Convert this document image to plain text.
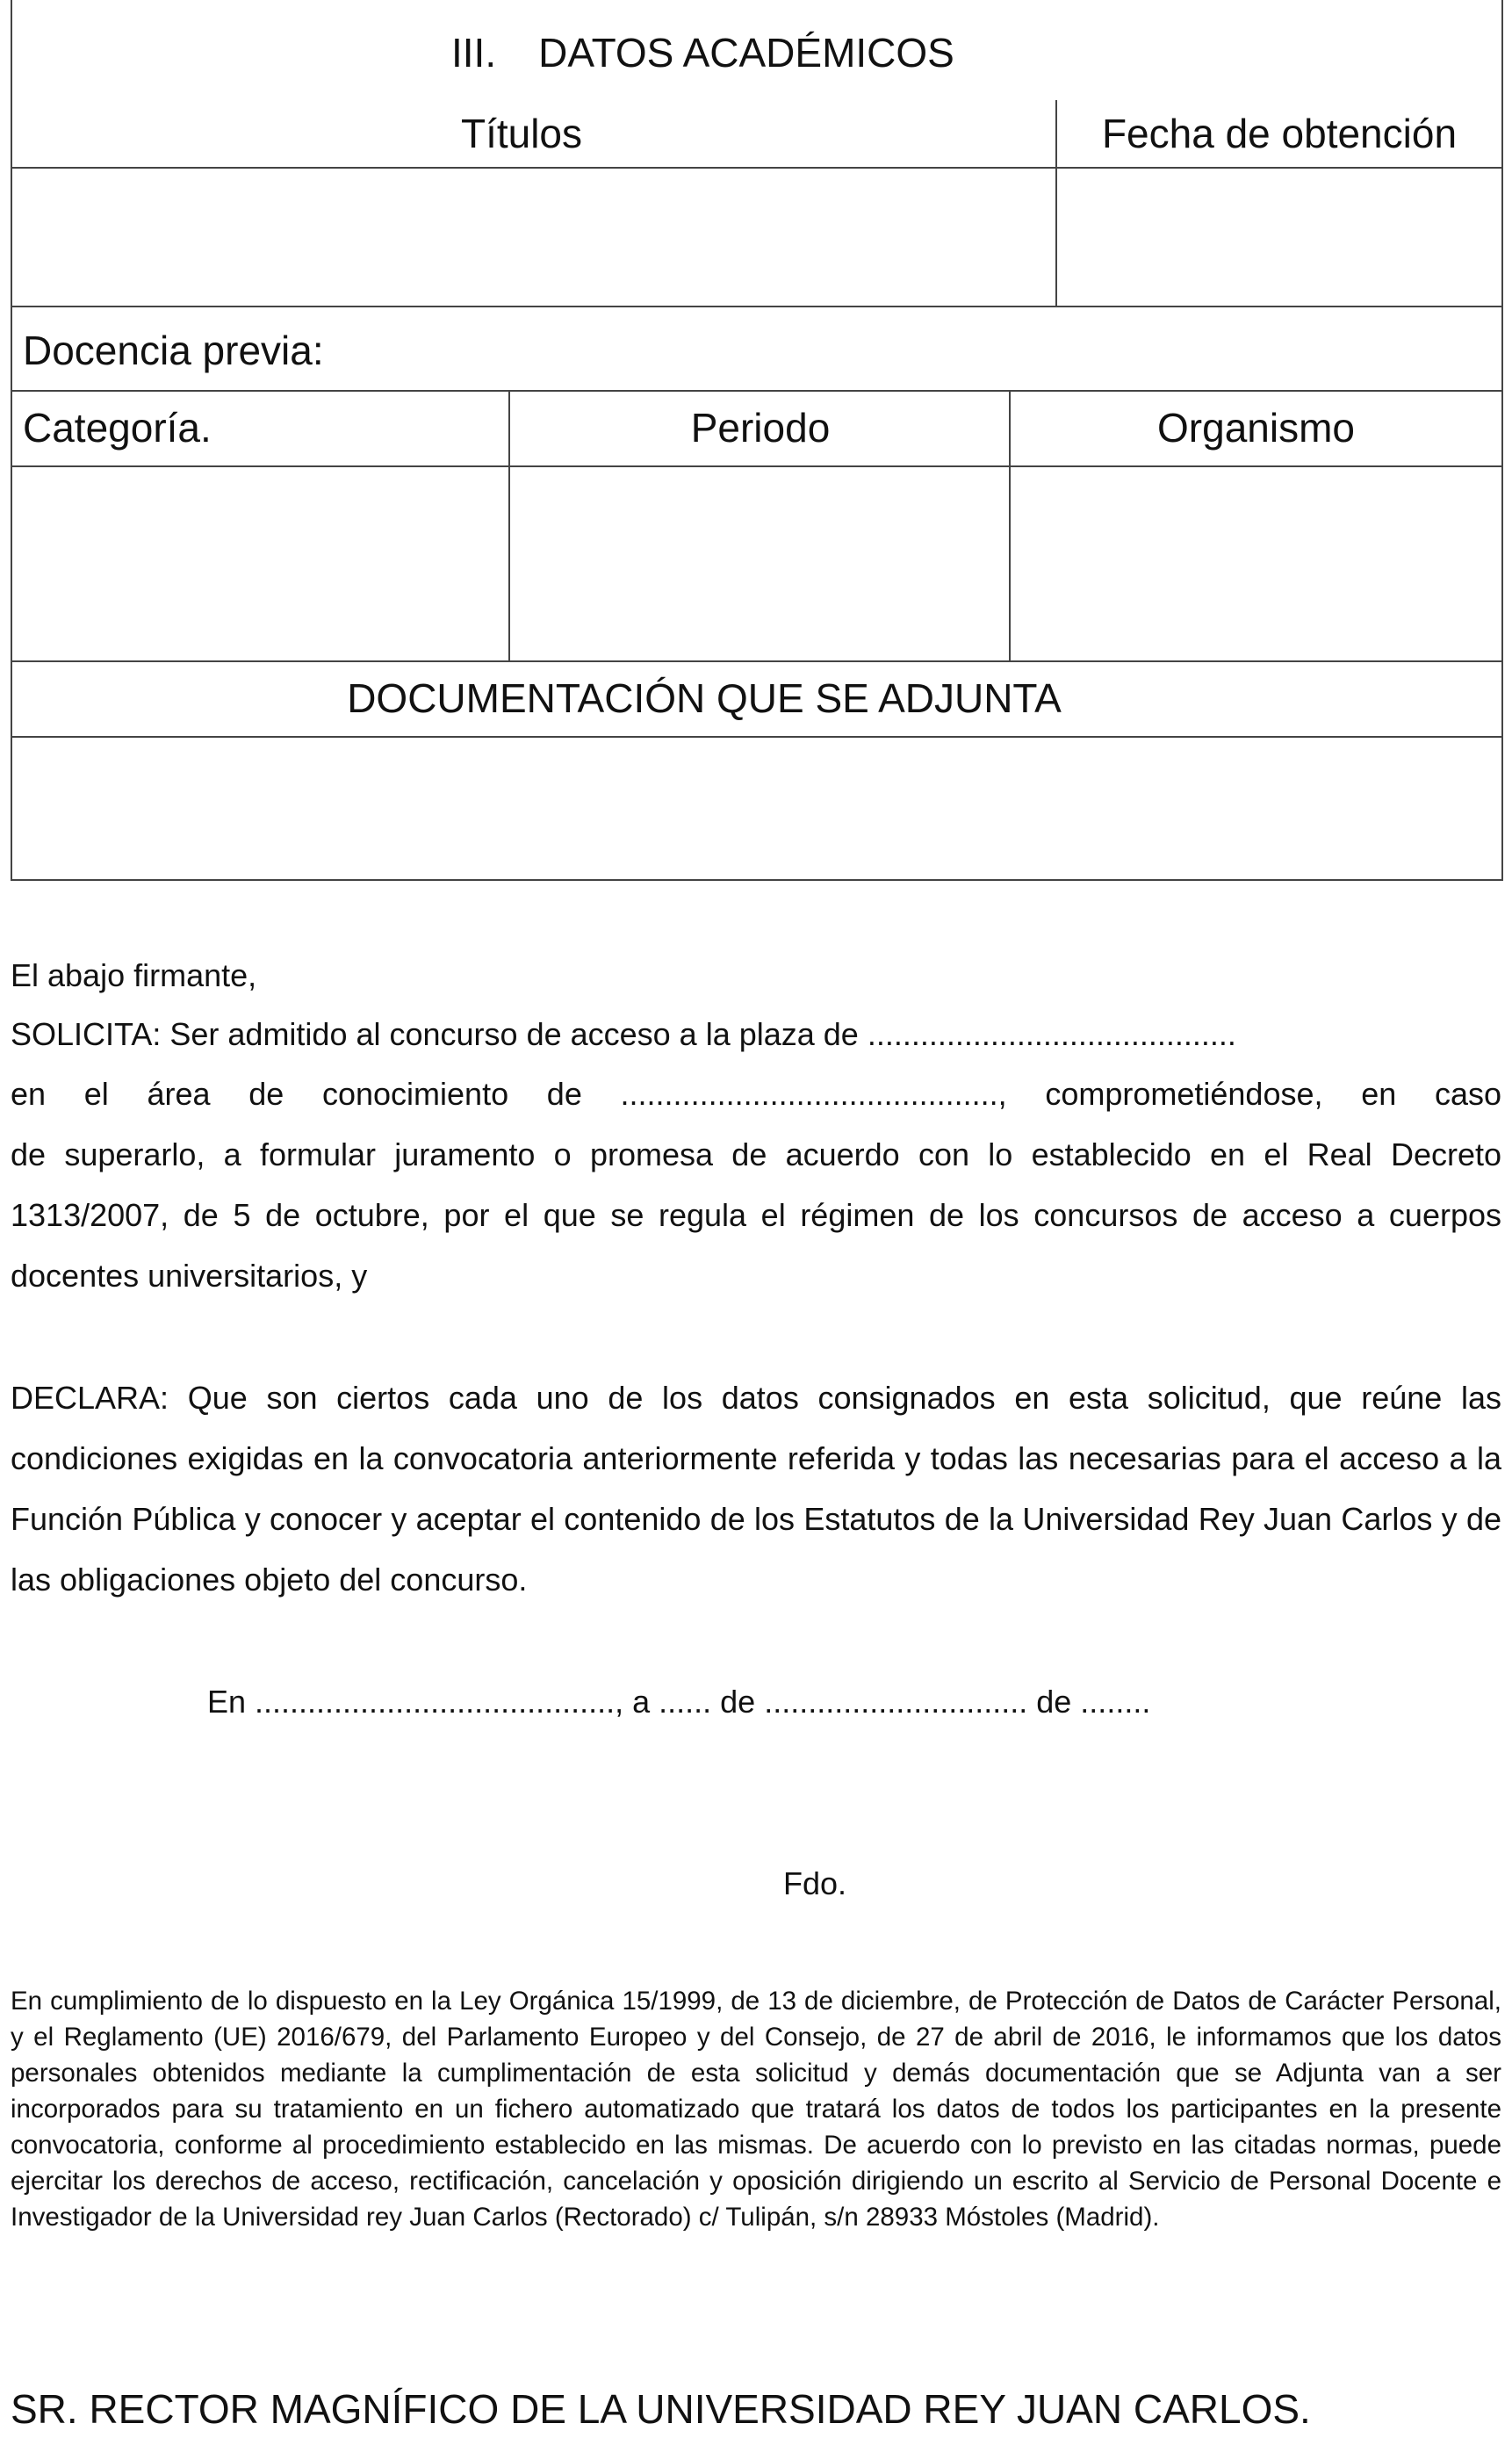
III. DATOS ACADÉMICOS
Títulos	Fecha de obtención
Docencia previa:
Categoría.	Periodo	Organismo
DOCUMENTACIÓN QUE SE ADJUNTA
El abajo firmante,
SOLICITA: Ser admitido al concurso de acceso a la plaza de ..........................................
en el área de conocimiento de ..........................................., comprometiéndose, en caso
de superarlo, a formular juramento o promesa de acuerdo con lo establecido en el Real Decreto 1313/2007, de 5 de octubre, por el que se regula el régimen de los concursos de acceso a cuerpos docentes universitarios, y
DECLARA: Que son ciertos cada uno de los datos consignados en esta solicitud, que reúne las condiciones exigidas en la convocatoria anteriormente referida y todas las necesarias para el acceso a la Función Pública y conocer y aceptar el contenido de los Estatutos de la Universidad Rey Juan Carlos y de las obligaciones objeto del concurso.
En ........................................., a ...... de .............................. de ........
Fdo.
En cumplimiento de lo dispuesto en la Ley Orgánica 15/1999, de 13 de diciembre, de Protección de Datos de Carácter Personal, y el Reglamento (UE) 2016/679, del Parlamento Europeo y del Consejo, de 27 de abril de 2016, le informamos que los datos personales obtenidos mediante la cumplimentación de esta solicitud y demás documentación que se Adjunta van a ser incorporados para su tratamiento en un fichero automatizado que tratará los datos de todos los participantes en la presente convocatoria, conforme al procedimiento establecido en las mismas. De acuerdo con lo previsto en las citadas normas, puede ejercitar los derechos de acceso, rectificación, cancelación y oposición dirigiendo un escrito al Servicio de Personal Docente e Investigador de la Universidad rey Juan Carlos (Rectorado) c/ Tulipán, s/n 28933 Móstoles (Madrid).
SR. RECTOR MAGNÍFICO DE LA UNIVERSIDAD REY JUAN CARLOS.
